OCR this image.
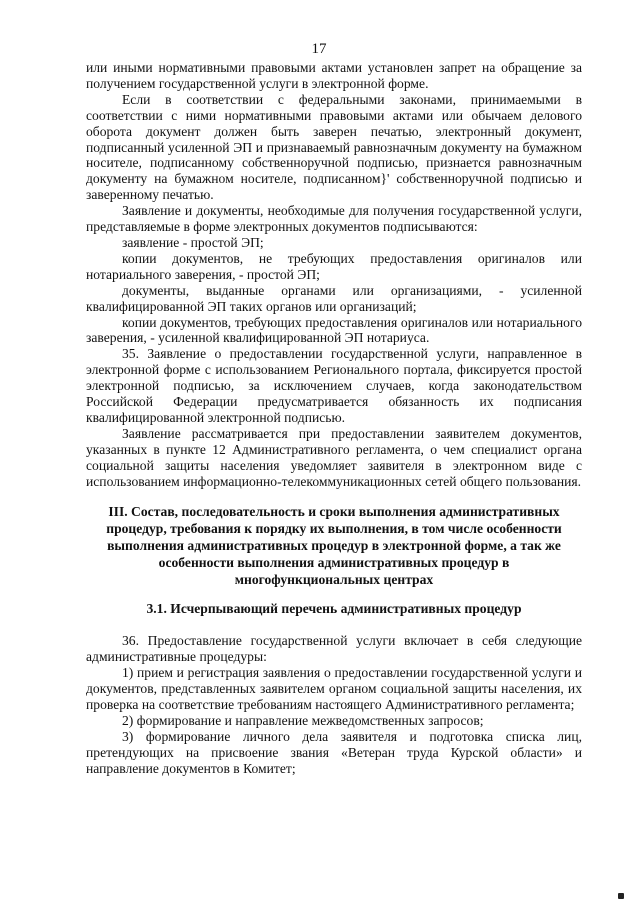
17

или иными нормативными правовыми актами установлен запрет на обращение за получением государственной услуги в электронной форме.

Если в соответствии с федеральными законами, принимаемыми в соответствии с ними нормативными правовыми актами или обычаем делового оборота документ должен быть заверен печатью, электронный документ, подписанный усиленной ЭП и признаваемый равнозначным документу на бумажном носителе, подписанному собственноручной подписью, признается равнозначным документу на бумажном носителе, подписанном}' собственноручной подписью и заверенному печатью.

Заявление и документы, необходимые для получения государственной услуги, представляемые в форме электронных документов подписываются:

заявление - простой ЭП;

копии документов, не требующих предоставления оригиналов или нотариального заверения, - простой ЭП;

документы, выданные органами или организациями, - усиленной квалифицированной ЭП таких органов или организаций;

копии документов, требующих предоставления оригиналов или нотариального заверения, - усиленной квалифицированной ЭП нотариуса.

35. Заявление о предоставлении государственной услуги, направленное в электронной форме с использованием Регионального портала, фиксируется простой электронной подписью, за исключением случаев, когда законодательством Российской Федерации предусматривается обязанность их подписания квалифицированной электронной подписью.

Заявление рассматривается при предоставлении заявителем документов, указанных в пункте 12 Административного регламента, о чем специалист органа социальной защиты населения уведомляет заявителя в электронном виде с использованием информационно-телекоммуникационных сетей общего пользования.

III. Состав, последовательность и сроки выполнения административных процедур, требования к порядку их выполнения, в том числе особенности выполнения административных процедур в электронной форме, а так же особенности выполнения административных процедур в многофункциональных центрах
3.1. Исчерпывающий перечень административных процедур

36. Предоставление государственной услуги включает в себя следующие административные процедуры:

1) прием и регистрация заявления о предоставлении государственной услуги и документов, представленных заявителем органом социальной защиты населения, их проверка на соответствие требованиям настоящего Административного регламента;

2) формирование и направление межведомственных запросов;

3) формирование личного дела заявителя и подготовка списка лиц, претендующих на присвоение звания «Ветеран труда Курской области» и направление документов в Комитет;
